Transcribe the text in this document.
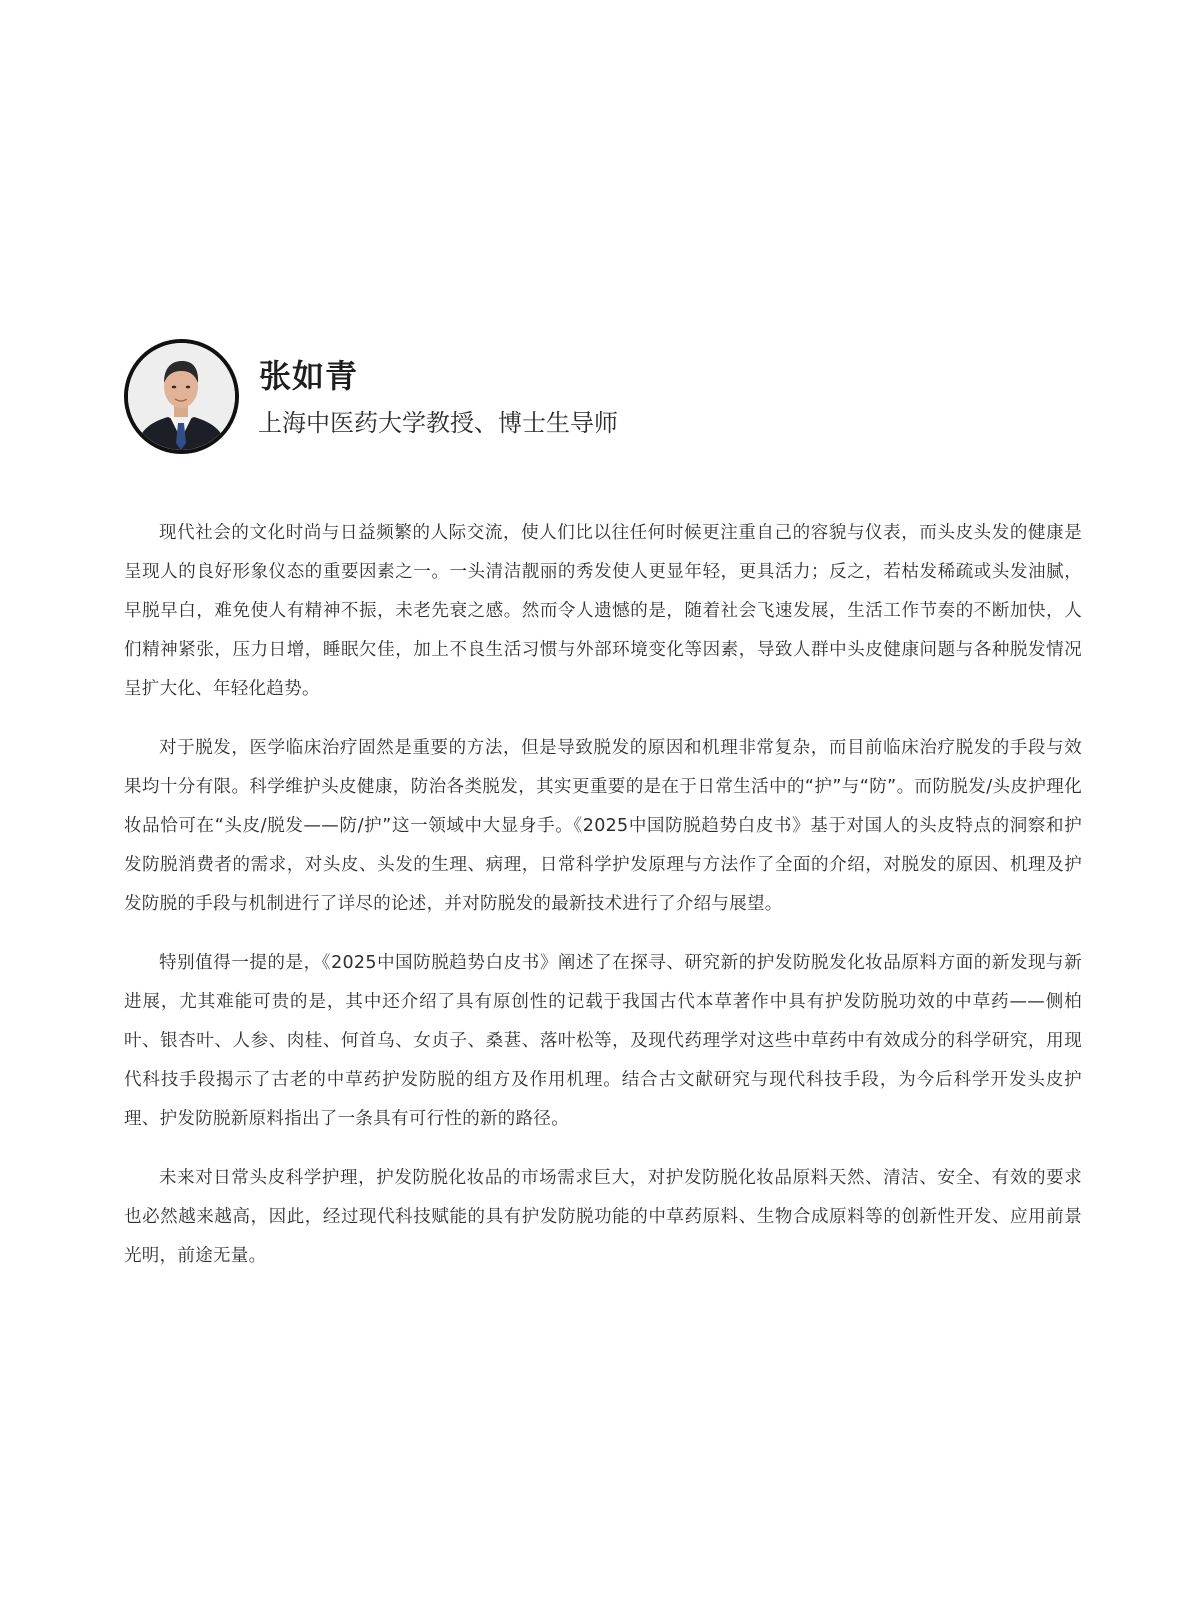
张如青
上海中医药大学教授、博士生导师

现代社会的文化时尚与日益频繁的人际交流，使人们比以往任何时候更注重自己的容貌与仪表，而头皮头发的健康是呈现人的良好形象仪态的重要因素之一。一头清洁靓丽的秀发使人更显年轻，更具活力；反之，若枯发稀疏或头发油腻，早脱早白，难免使人有精神不振，未老先衰之感。然而令人遗憾的是，随着社会飞速发展，生活工作节奏的不断加快，人们精神紧张，压力日增，睡眠欠佳，加上不良生活习惯与外部环境变化等因素，导致人群中头皮健康问题与各种脱发情况呈扩大化、年轻化趋势。

对于脱发，医学临床治疗固然是重要的方法，但是导致脱发的原因和机理非常复杂，而目前临床治疗脱发的手段与效果均十分有限。科学维护头皮健康，防治各类脱发，其实更重要的是在于日常生活中的“护”与“防”。而防脱发/头皮护理化妆品恰可在“头皮/脱发——防/护”这一领域中大显身手。《2025中国防脱趋势白皮书》基于对国人的头皮特点的洞察和护发防脱消费者的需求，对头皮、头发的生理、病理，日常科学护发原理与方法作了全面的介绍，对脱发的原因、机理及护发防脱的手段与机制进行了详尽的论述，并对防脱发的最新技术进行了介绍与展望。

特别值得一提的是，《2025中国防脱趋势白皮书》阐述了在探寻、研究新的护发防脱发化妆品原料方面的新发现与新进展，尤其难能可贵的是，其中还介绍了具有原创性的记载于我国古代本草著作中具有护发防脱功效的中草药——侧柏叶、银杏叶、人参、肉桂、何首乌、女贞子、桑葚、落叶松等，及现代药理学对这些中草药中有效成分的科学研究，用现代科技手段揭示了古老的中草药护发防脱的组方及作用机理。结合古文献研究与现代科技手段，为今后科学开发头皮护理、护发防脱新原料指出了一条具有可行性的新的路径。

未来对日常头皮科学护理，护发防脱化妆品的市场需求巨大，对护发防脱化妆品原料天然、清洁、安全、有效的要求也必然越来越高，因此，经过现代科技赋能的具有护发防脱功能的中草药原料、生物合成原料等的创新性开发、应用前景光明，前途无量。
